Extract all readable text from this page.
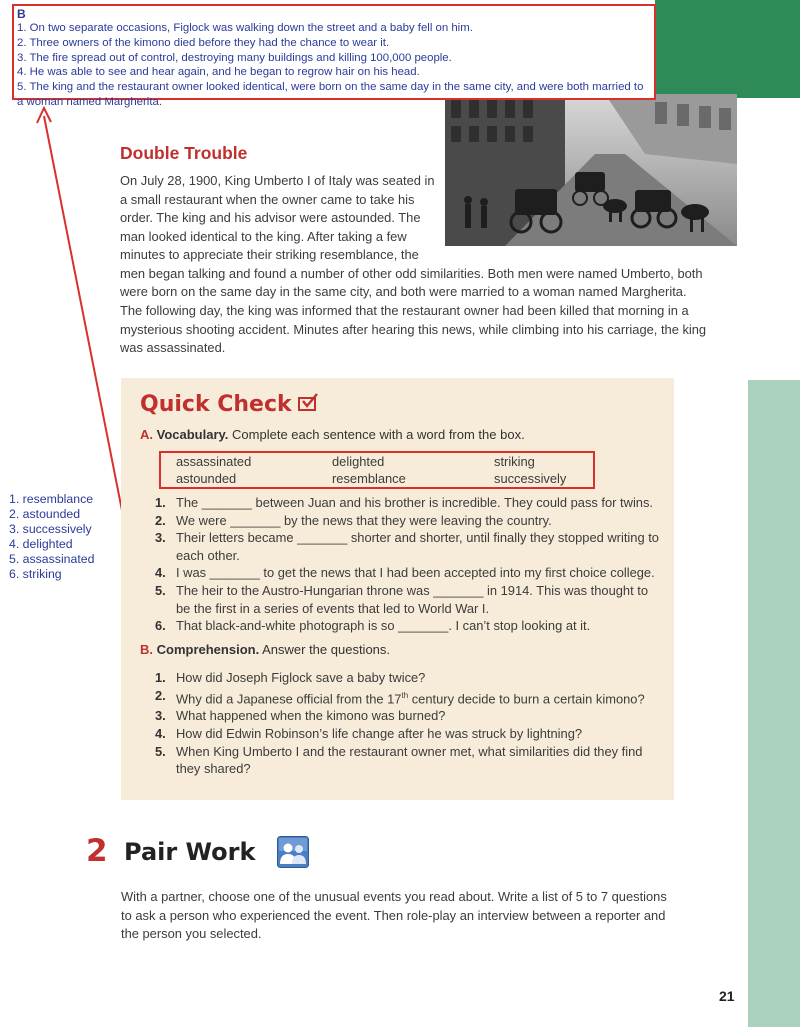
B
1. On two separate occasions, Figlock was walking down the street and a baby fell on him.
2. Three owners of the kimono died before they had the chance to wear it.
3. The fire spread out of control, destroying many buildings and killing 100,000 people.
4. He was able to see and hear again, and he began to regrow hair on his head.
5. The king and the restaurant owner looked identical, were born on the same day in the same city, and were both married to a woman named Margherita.
1. resemblance
2. astounded
3. successively
4. delighted
5. assassinated
6. striking
Double Trouble
On July 28, 1900, King Umberto I of Italy was seated in a small restaurant when the owner came to take his order. The king and his advisor were astounded. The man looked identical to the king. After taking a few minutes to appreciate their striking resemblance, the
men began talking and found a number of other odd similarities. Both men were named Umberto, both were born on the same day in the same city, and both were married to a woman named Margherita.
The following day, the king was informed that the restaurant owner had been killed that morning in a mysterious shooting accident. Minutes after hearing this news, while climbing into his carriage, the king was assassinated.
Quick Check
A. Vocabulary. Complete each sentence with a word from the box.
assassinated	delighted	striking
astounded	resemblance	successively
1. The _______ between Juan and his brother is incredible. They could pass for twins.
2. We were _______ by the news that they were leaving the country.
3. Their letters became _______ shorter and shorter, until finally they stopped writing to each other.
4. I was _______ to get the news that I had been accepted into my first choice college.
5. The heir to the Austro-Hungarian throne was _______ in 1914. This was thought to be the first in a series of events that led to World War I.
6. That black-and-white photograph is so _______. I can’t stop looking at it.
B. Comprehension. Answer the questions.
1. How did Joseph Figlock save a baby twice?
2. Why did a Japanese official from the 17th century decide to burn a certain kimono?
3. What happened when the kimono was burned?
4. How did Edwin Robinson’s life change after he was struck by lightning?
5. When King Umberto I and the restaurant owner met, what similarities did they find they shared?
2 Pair Work
With a partner, choose one of the unusual events you read about. Write a list of 5 to 7 questions to ask a person who experienced the event. Then role-play an interview between a reporter and the person you selected.
21
